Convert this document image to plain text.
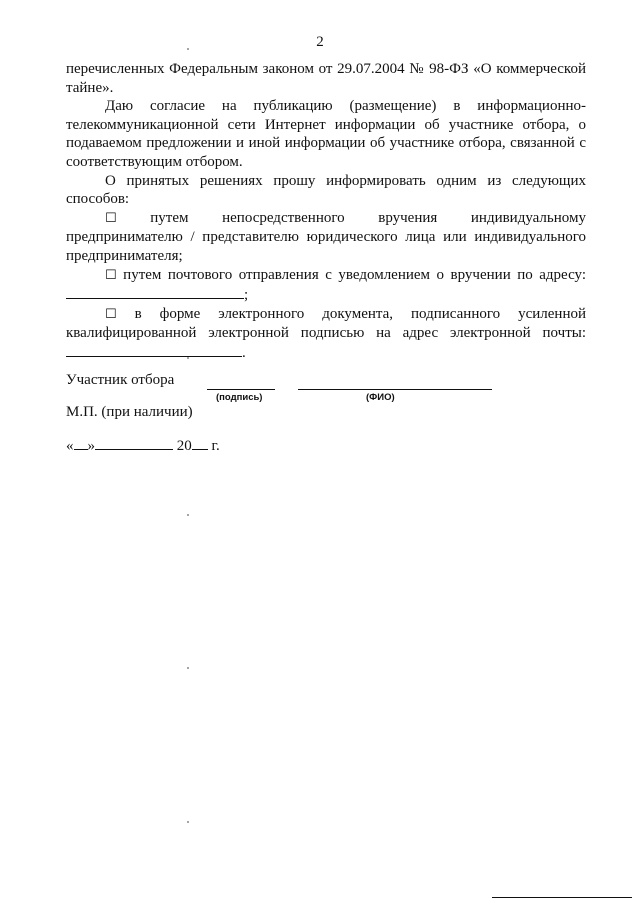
2

перечисленных Федеральным законом от 29.07.2004 № 98-ФЗ «О коммерческой тайне».

Даю согласие на публикацию (размещение) в информационно-телекоммуникационной сети Интернет информации об участнике отбора, о подаваемом предложении и иной информации об участнике отбора, связанной с соответствующим отбором.

О принятых решениях прошу информировать одним из следующих способов:

☐ путем непосредственного вручения индивидуальному предпринимателю / представителю юридического лица или индивидуального предпринимателя;

☐ путем почтового отправления с уведомлением о вручении по адресу:;

☐ в форме электронного документа, подписанного усиленной квалифицированной электронной подписью на адрес электронной почты: .

Участник отбора
(подпись)	(ФИО)
М.П. (при наличии)
« »	20 г.
